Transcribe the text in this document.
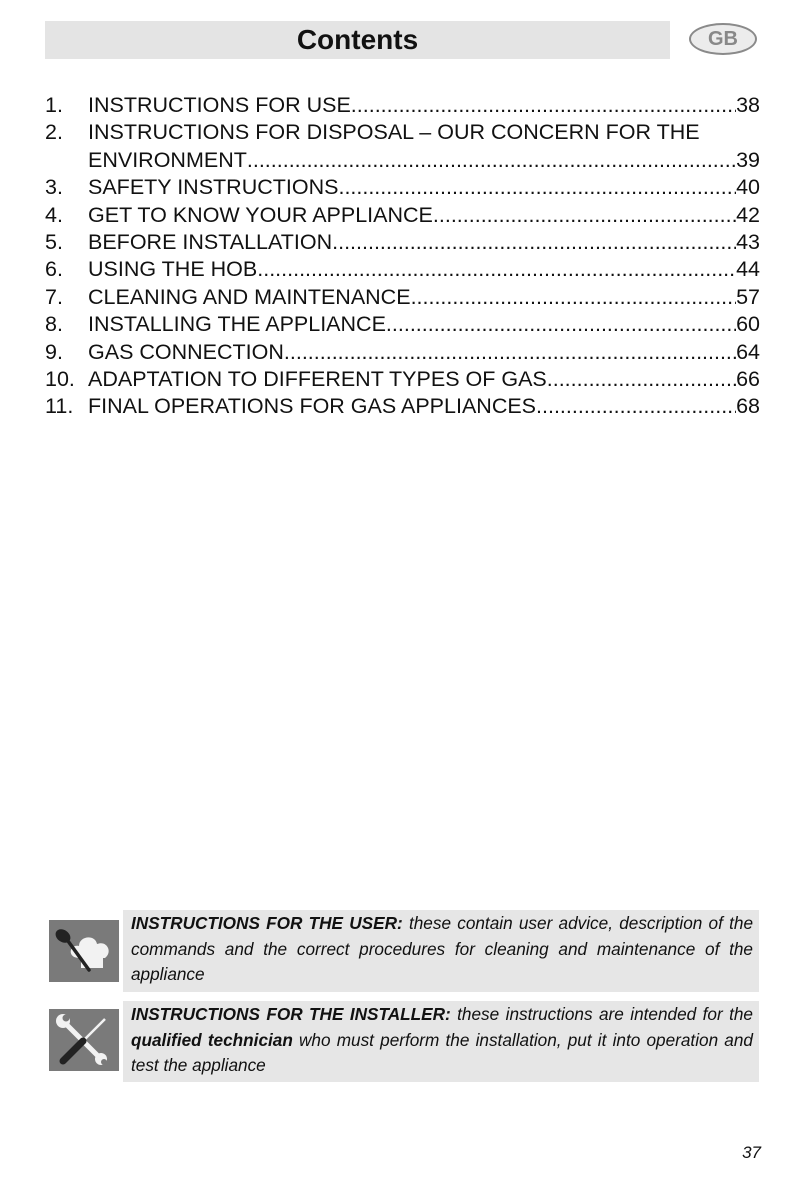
Contents	GB
1.	INSTRUCTIONS FOR USE .....	38
2.	INSTRUCTIONS FOR DISPOSAL – OUR CONCERN FOR THE
ENVIRONMENT .....	39
3.	SAFETY INSTRUCTIONS .....	40
4.	GET TO KNOW YOUR APPLIANCE .....	42
5.	BEFORE INSTALLATION .....	43
6.	USING THE HOB .....	44
7.	CLEANING AND MAINTENANCE .....	57
8.	INSTALLING THE APPLIANCE .....	60
9.	GAS CONNECTION .....	64
10. ADAPTATION TO DIFFERENT TYPES OF GAS .....	66
11. FINAL OPERATIONS FOR GAS APPLIANCES .....	68
INSTRUCTIONS FOR THE USER: these contain user advice, description of the commands and the correct procedures for cleaning and maintenance of the appliance
INSTRUCTIONS FOR THE INSTALLER: these instructions are intended for the qualified technician who must perform the installation, put it into operation and test the appliance
37
